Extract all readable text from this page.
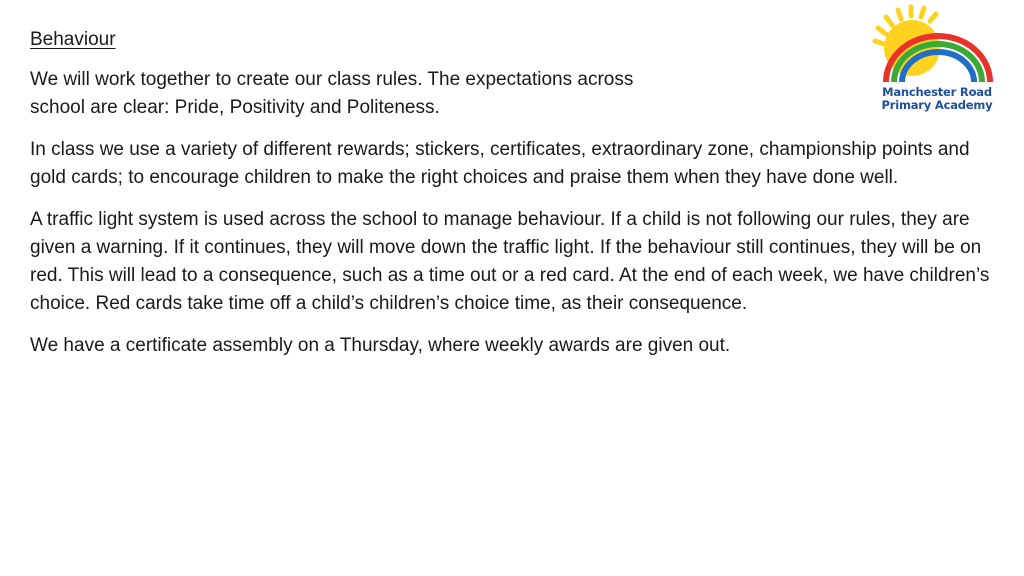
Behaviour

We will work together to create our class rules. The expectations across school are clear: Pride, Positivity and Politeness.

In class we use a variety of different rewards; stickers, certificates, extraordinary zone, championship points and gold cards; to encourage children to make the right choices and praise them when they have done well.

A traffic light system is used across the school to manage behaviour. If a child is not following our rules, they are given a warning. If it continues, they will move down the traffic light. If the behaviour still continues, they will be on red. This will lead to a consequence, such as a time out or a red card. At the end of each week, we have children’s choice. Red cards take time off a child’s children’s choice time, as their consequence.

We have a certificate assembly on a Thursday, where weekly awards are given out.

Manchester Road
Primary Academy
